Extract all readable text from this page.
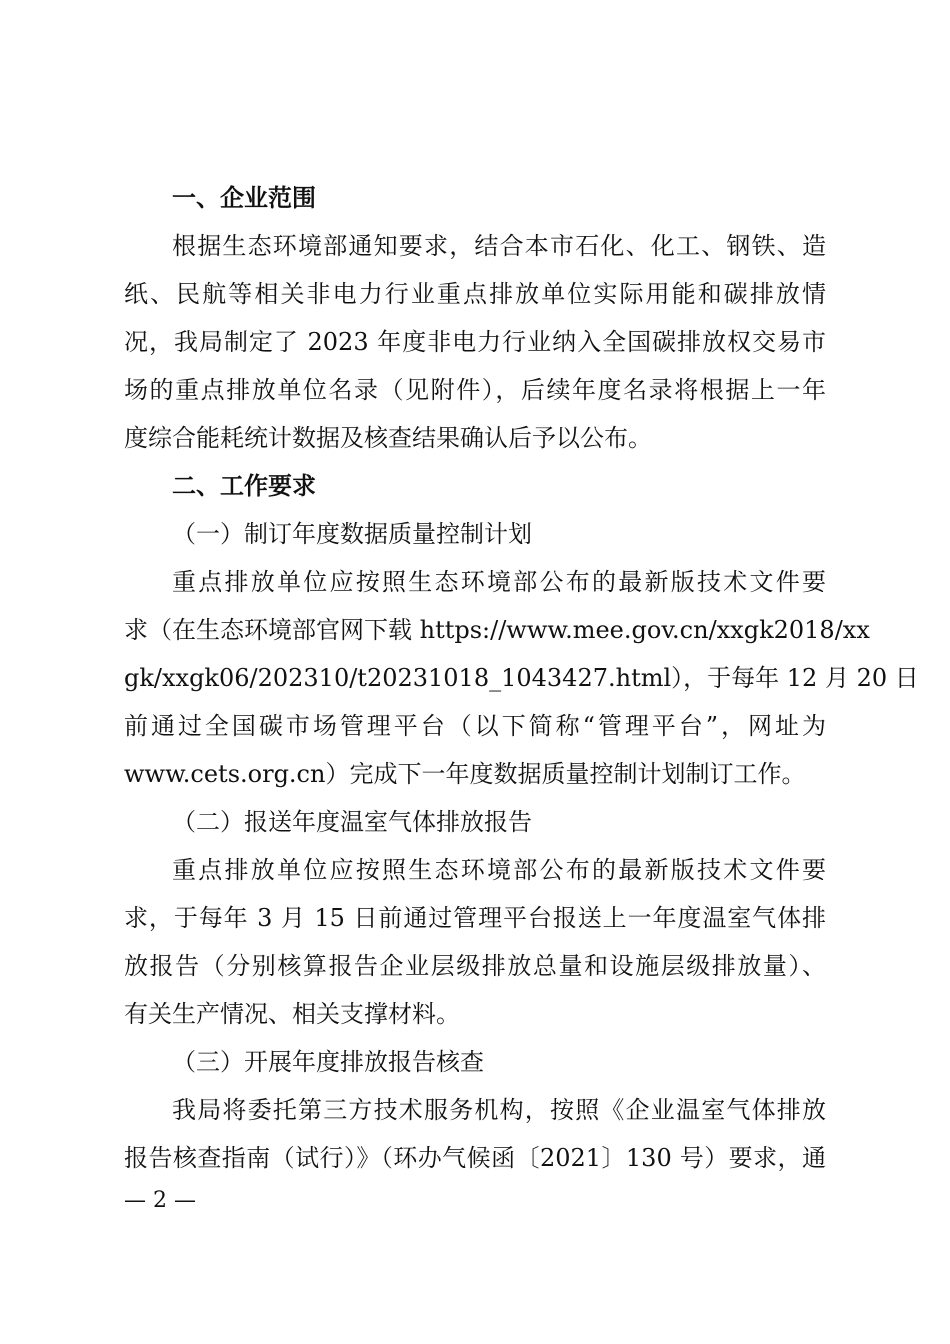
一、企业范围
根据生态环境部通知要求，结合本市石化、化工、钢铁、造
纸、民航等相关非电力行业重点排放单位实际用能和碳排放情
况，我局制定了 2023 年度非电力行业纳入全国碳排放权交易市
场的重点排放单位名录（见附件），后续年度名录将根据上一年
度综合能耗统计数据及核查结果确认后予以公布。
二、工作要求
（一）制订年度数据质量控制计划
重点排放单位应按照生态环境部公布的最新版技术文件要
求（在生态环境部官网下载 https://www.mee.gov.cn/xxgk2018/xx
gk/xxgk06/202310/t20231018_1043427.html），于每年 12 月 20 日
前通过全国碳市场管理平台（以下简称“管理平台”，网址为
www.cets.org.cn）完成下一年度数据质量控制计划制订工作。
（二）报送年度温室气体排放报告
重点排放单位应按照生态环境部公布的最新版技术文件要
求，于每年 3 月 15 日前通过管理平台报送上一年度温室气体排
放报告（分别核算报告企业层级排放总量和设施层级排放量）、
有关生产情况、相关支撑材料。
（三）开展年度排放报告核查
我局将委托第三方技术服务机构，按照《企业温室气体排放
报告核查指南（试行）》（环办气候函〔2021〕130 号）要求，通
— 2 —
